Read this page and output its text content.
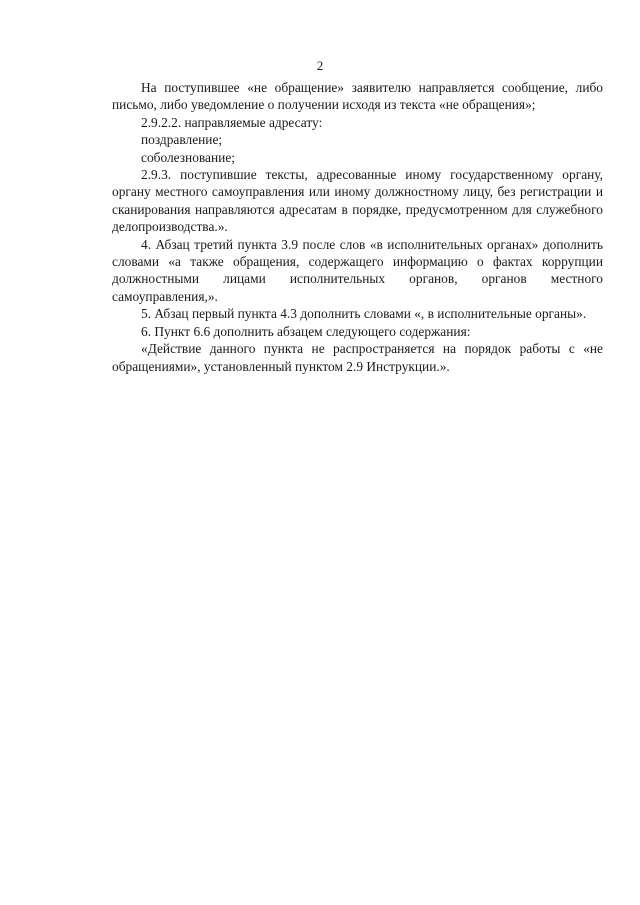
2

На поступившее «не обращение» заявителю направляется сообщение, либо письмо, либо уведомление о получении исходя из текста «не обращения»;

2.9.2.2. направляемые адресату:

поздравление;

соболезнование;

2.9.3. поступившие тексты, адресованные иному государственному органу, органу местного самоуправления или иному должностному лицу, без регистрации и сканирования направляются адресатам в порядке, предусмотренном для служебного делопроизводства.».

4. Абзац третий пункта 3.9 после слов «в исполнительных органах» дополнить словами «а также обращения, содержащего информацию о фактах коррупции должностными лицами исполнительных органов, органов местного самоуправления,».

5. Абзац первый пункта 4.3 дополнить словами «, в исполнительные органы».

6. Пункт 6.6 дополнить абзацем следующего содержания:

«Действие данного пункта не распространяется на порядок работы с «не обращениями», установленный пунктом 2.9 Инструкции.».
